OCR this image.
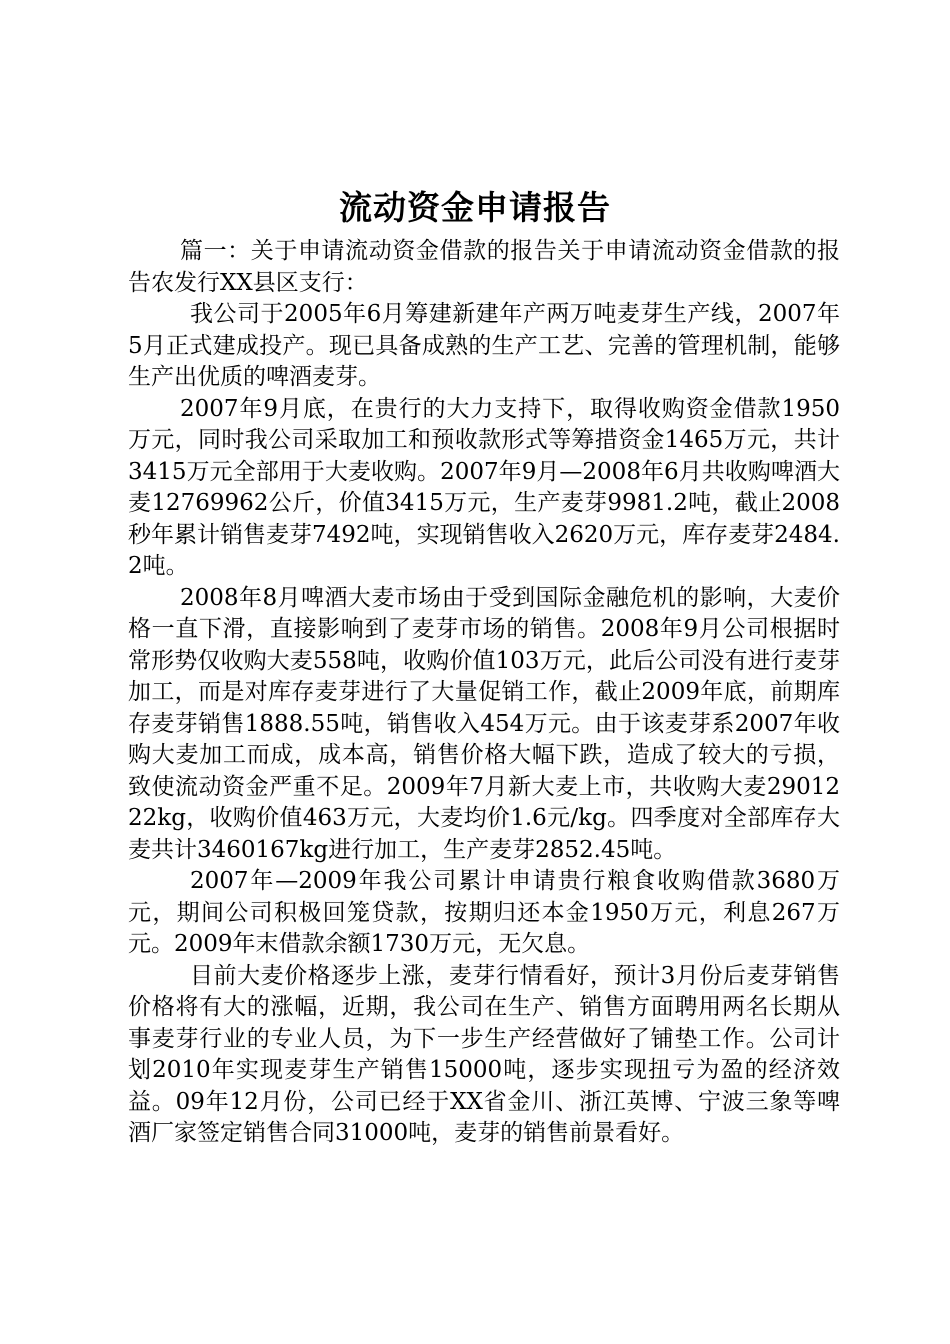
流动资金申请报告

篇一：关于申请流动资金借款的报告关于申请流动资金借款的报告农发行XX县区支行：

我公司于2005年6月筹建新建年产两万吨麦芽生产线，2007年5月正式建成投产。现已具备成熟的生产工艺、完善的管理机制，能够生产出优质的啤酒麦芽。

2007年9月底，在贵行的大力支持下，取得收购资金借款1950万元，同时我公司采取加工和预收款形式等筹措资金1465万元，共计3415万元全部用于大麦收购。2007年9月—2008年6月共收购啤酒大麦12769962公斤，价值3415万元，生产麦芽9981.2吨，截止2008秒年累计销售麦芽7492吨，实现销售收入2620万元，库存麦芽2484.2吨。

2008年8月啤酒大麦市场由于受到国际金融危机的影响，大麦价格一直下滑，直接影响到了麦芽市场的销售。2008年9月公司根据时常形势仅收购大麦558吨，收购价值103万元，此后公司没有进行麦芽加工，而是对库存麦芽进行了大量促销工作，截止2009年底，前期库存麦芽销售1888.55吨，销售收入454万元。由于该麦芽系2007年收购大麦加工而成，成本高，销售价格大幅下跌，造成了较大的亏损，致使流动资金严重不足。2009年7月新大麦上市，共收购大麦2901222kg，收购价值463万元，大麦均价1.6元/kg。四季度对全部库存大麦共计3460167kg进行加工，生产麦芽2852.45吨。

2007年—2009年我公司累计申请贵行粮食收购借款3680万元，期间公司积极回笼贷款，按期归还本金1950万元，利息267万元。2009年末借款余额1730万元，无欠息。

目前大麦价格逐步上涨，麦芽行情看好，预计3月份后麦芽销售价格将有大的涨幅，近期，我公司在生产、销售方面聘用两名长期从事麦芽行业的专业人员，为下一步生产经营做好了铺垫工作。公司计划2010年实现麦芽生产销售15000吨，逐步实现扭亏为盈的经济效益。09年12月份，公司已经于XX省金川、浙江英博、宁波三象等啤酒厂家签定销售合同31000吨，麦芽的销售前景看好。
